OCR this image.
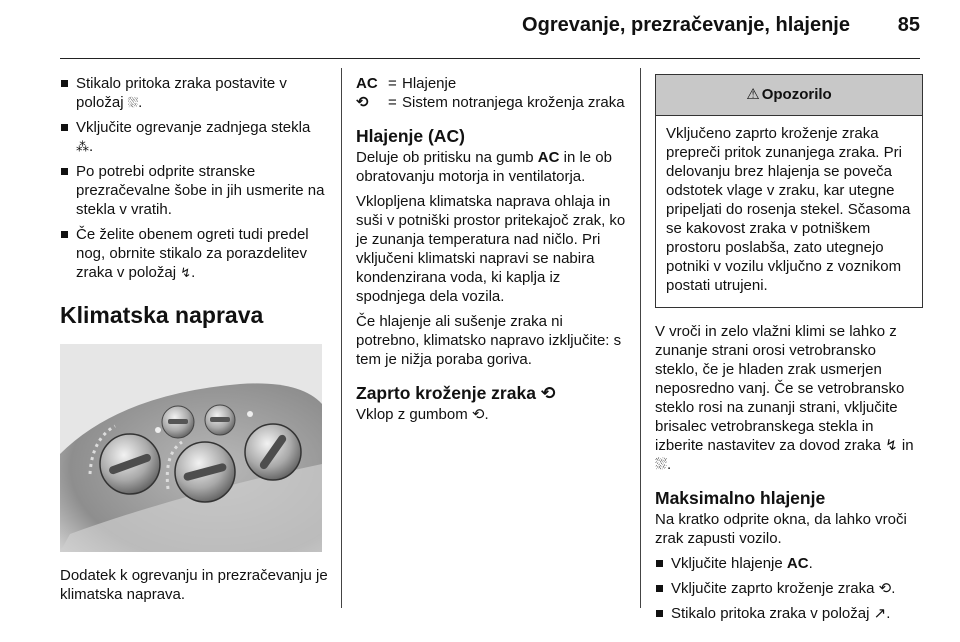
Ogrevanje, prezračevanje, hlajenje	85
Stikalo pritoka zraka postavite v položaj ⛆.
Vključite ogrevanje zadnjega stekla ⁂.
Po potrebi odprite stranske prezračevalne šobe in jih usmerite na stekla v vratih.
Če želite obenem ogreti tudi predel nog, obrnite stikalo za porazdelitev zraka v položaj ↯.
Klimatska naprava
Dodatek k ogrevanju in prezračevanju je klimatska naprava.
AC = Hlajenje
⟲	= Sistem notranjega kroženja zraka
Hlajenje (AC)
Deluje ob pritisku na gumb AC in le ob obratovanju motorja in ventilatorja.
Vklopljena klimatska naprava ohlaja in suši v potniški prostor pritekajoč zrak, ko je zunanja temperatura nad ničlo. Pri vključeni klimatski napravi se nabira kondenzirana voda, ki kaplja iz spodnjega dela vozila.
Če hlajenje ali sušenje zraka ni potrebno, klimatsko napravo izključite: s tem je nižja poraba goriva.
Zaprto kroženje zraka ⟲
Vklop z gumbom ⟲.
⚠ Opozorilo
Vključeno zaprto kroženje zraka prepreči pritok zunanjega zraka. Pri delovanju brez hlajenja se poveča odstotek vlage v zraku, kar utegne pripeljati do rosenja stekel. Sčasoma se kakovost zraka v potniškem prostoru poslabša, zato utegnejo potniki v vozilu vključno z voznikom postati utrujeni.
V vroči in zelo vlažni klimi se lahko z zunanje strani orosi vetrobransko steklo, če je hladen zrak usmerjen neposredno vanj. Če se vetrobransko steklo rosi na zunanji strani, vključite brisalec vetrobranskega stekla in izberite nastavitev za dovod zraka ↯ in ⛆.
Maksimalno hlajenje
Na kratko odprite okna, da lahko vroči zrak zapusti vozilo.
Vključite hlajenje AC.
Vključite zaprto kroženje zraka ⟲.
Stikalo pritoka zraka v položaj ↗.
